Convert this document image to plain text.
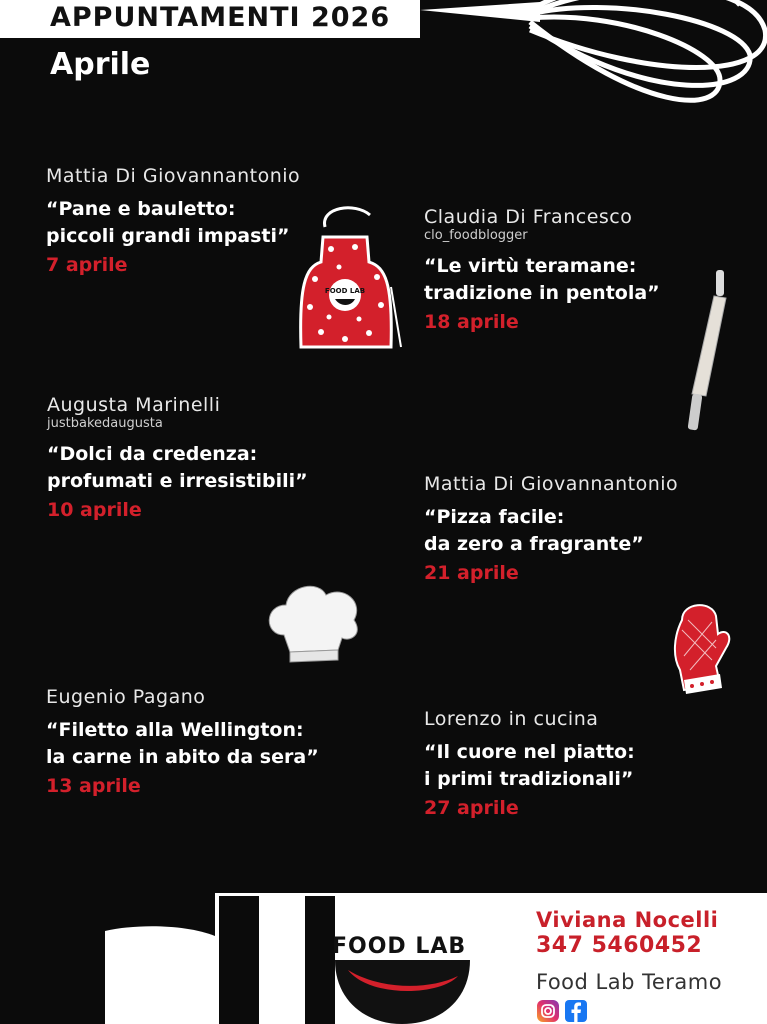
APPUNTAMENTI 2026
Aprile
Mattia Di Giovannantonio
“Pane e bauletto:
piccoli grandi impasti”
7 aprile
Claudia Di Francesco
clo_foodblogger
“Le virtù teramane:
tradizione in pentola”
18 aprile
Augusta Marinelli
justbakedaugusta
“Dolci da credenza:
profumati e irresistibili”
10 aprile
Mattia Di Giovannantonio
“Pizza facile:
da zero a fragrante”
21 aprile
Eugenio Pagano
“Filetto alla Wellington:
la carne in abito da sera”
13 aprile
Lorenzo in cucina
“Il cuore nel piatto:
i primi tradizionali”
27 aprile
FOOD LAB
FOOD LAB
Viviana Nocelli
347 5460452
Food Lab Teramo
